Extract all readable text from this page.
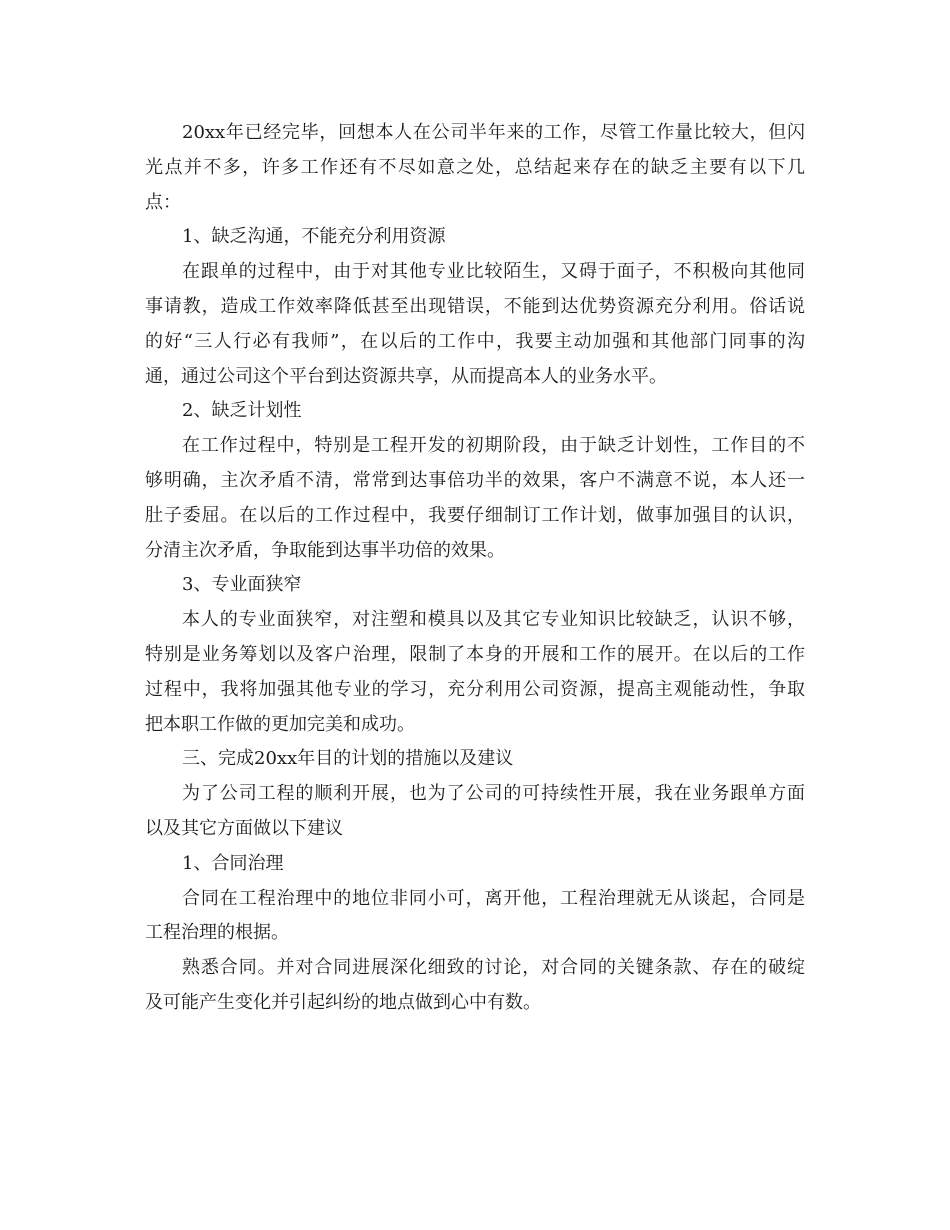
20xx年已经完毕，回想本人在公司半年来的工作，尽管工作量比较大，但闪
光点并不多，许多工作还有不尽如意之处，总结起来存在的缺乏主要有以下几
点：
1、缺乏沟通，不能充分利用资源
在跟单的过程中，由于对其他专业比较陌生，又碍于面子，不积极向其他同
事请教，造成工作效率降低甚至出现错误，不能到达优势资源充分利用。俗话说
的好“三人行必有我师”，在以后的工作中，我要主动加强和其他部门同事的沟
通，通过公司这个平台到达资源共享，从而提高本人的业务水平。
2、缺乏计划性
在工作过程中，特别是工程开发的初期阶段，由于缺乏计划性，工作目的不
够明确，主次矛盾不清，常常到达事倍功半的效果，客户不满意不说，本人还一
肚子委屈。在以后的工作过程中，我要仔细制订工作计划，做事加强目的认识，
分清主次矛盾，争取能到达事半功倍的效果。
3、专业面狭窄
本人的专业面狭窄，对注塑和模具以及其它专业知识比较缺乏，认识不够，
特别是业务筹划以及客户治理，限制了本身的开展和工作的展开。在以后的工作
过程中，我将加强其他专业的学习，充分利用公司资源，提高主观能动性，争取
把本职工作做的更加完美和成功。
三、完成20xx年目的计划的措施以及建议
为了公司工程的顺利开展，也为了公司的可持续性开展，我在业务跟单方面
以及其它方面做以下建议
1、合同治理
合同在工程治理中的地位非同小可，离开他，工程治理就无从谈起，合同是
工程治理的根据。
熟悉合同。并对合同进展深化细致的讨论，对合同的关键条款、存在的破绽
及可能产生变化并引起纠纷的地点做到心中有数。
